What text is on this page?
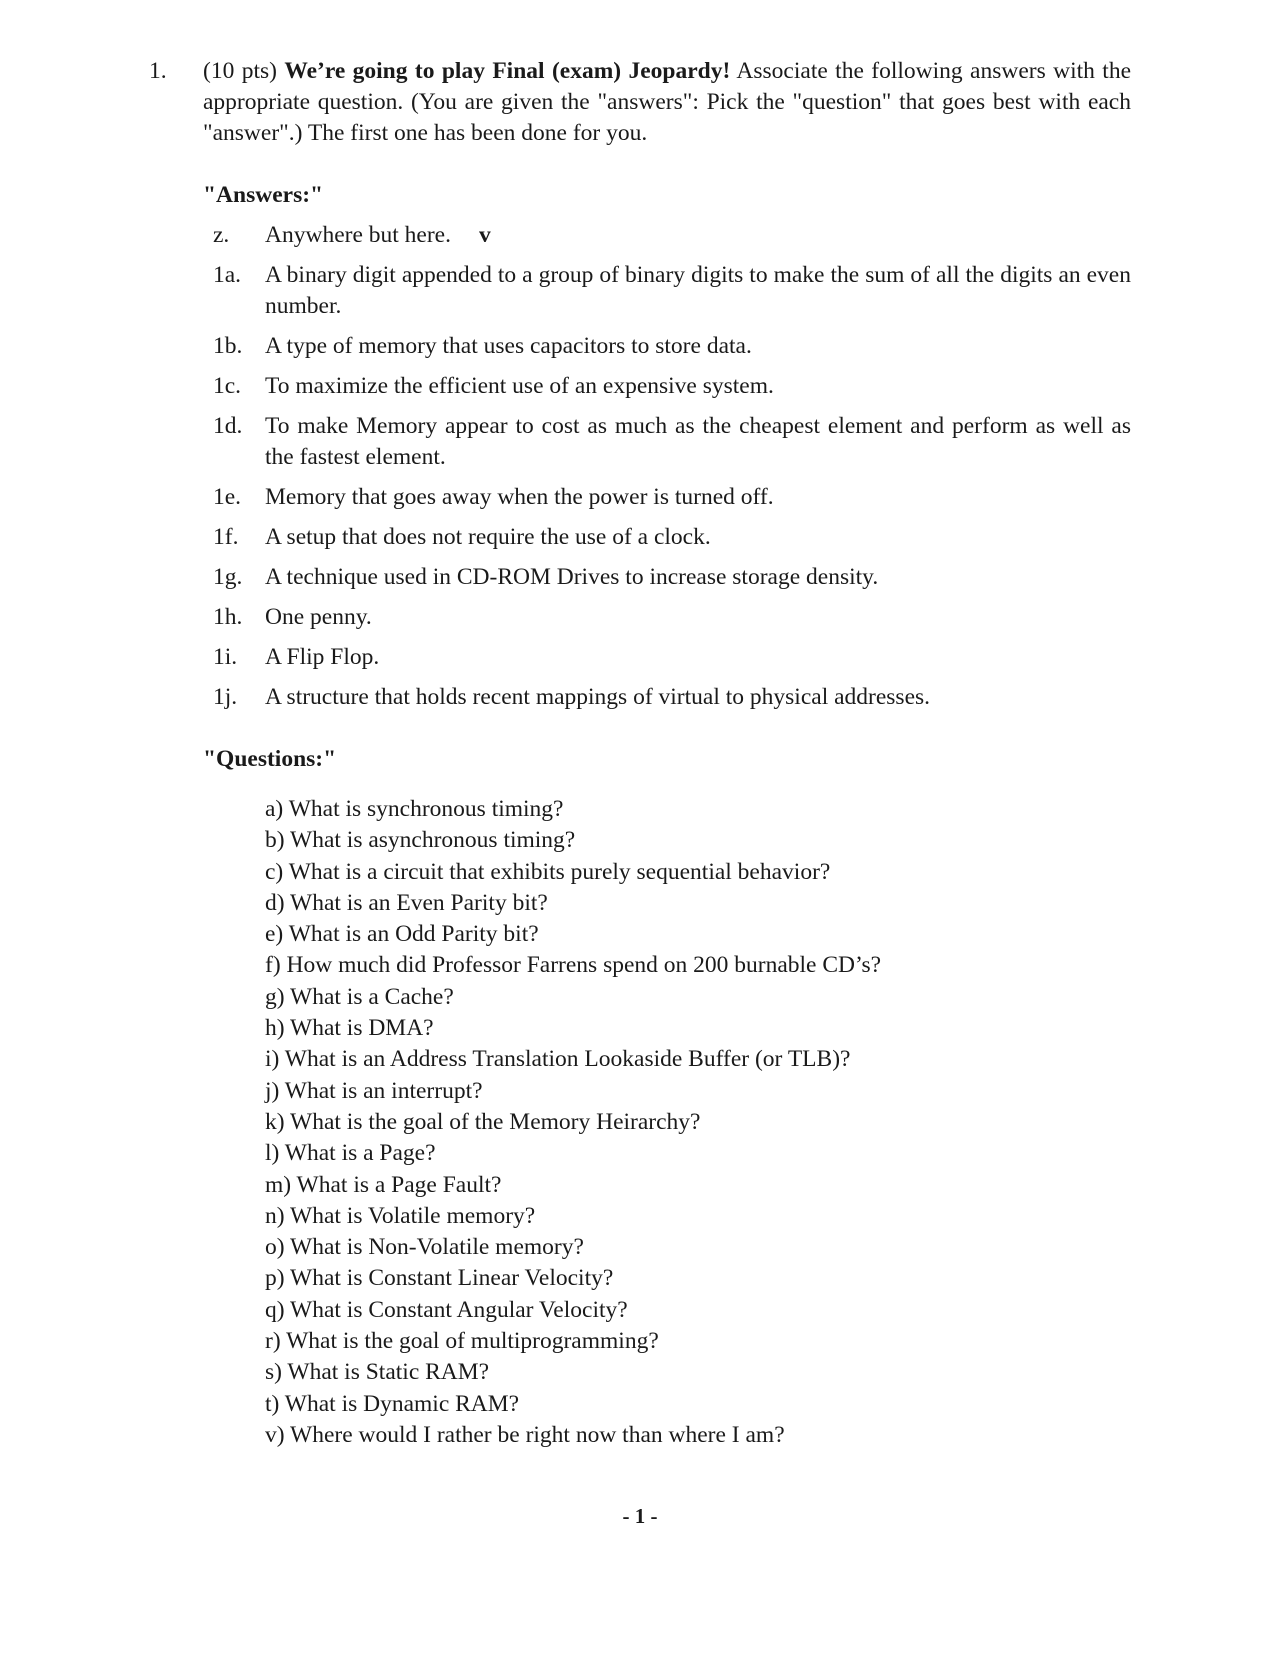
1. (10 pts) We’re going to play Final (exam) Jeopardy! Associate the following answers with the appropriate question. (You are given the "answers": Pick the "question" that goes best with each "answer".) The first one has been done for you.
"Answers:"
z.	Anywhere but here. v
1a.	A binary digit appended to a group of binary digits to make the sum of all the digits an even number.
1b. A type of memory that uses capacitors to store data.
1c.	To maximize the efficient use of an expensive system.
1d. To make Memory appear to cost as much as the cheapest element and perform as well as the fastest element.
1e.	Memory that goes away when the power is turned off.
1f.	A setup that does not require the use of a clock.
1g. A technique used in CD-ROM Drives to increase storage density.
1h. One penny.
1i.	A Flip Flop.
1j.	A structure that holds recent mappings of virtual to physical addresses.
"Questions:"
a) What is synchronous timing?
b) What is asynchronous timing?
c) What is a circuit that exhibits purely sequential behavior?
d) What is an Even Parity bit?
e) What is an Odd Parity bit?
f) How much did Professor Farrens spend on 200 burnable CD’s?
g) What is a Cache?
h) What is DMA?
i) What is an Address Translation Lookaside Buffer (or TLB)?
j) What is an interrupt?
k) What is the goal of the Memory Heirarchy?
l) What is a Page?
m) What is a Page Fault?
n) What is Volatile memory?
o) What is Non-Volatile memory?
p) What is Constant Linear Velocity?
q) What is Constant Angular Velocity?
r) What is the goal of multiprogramming?
s) What is Static RAM?
t) What is Dynamic RAM?
v) Where would I rather be right now than where I am?
- 1 -
